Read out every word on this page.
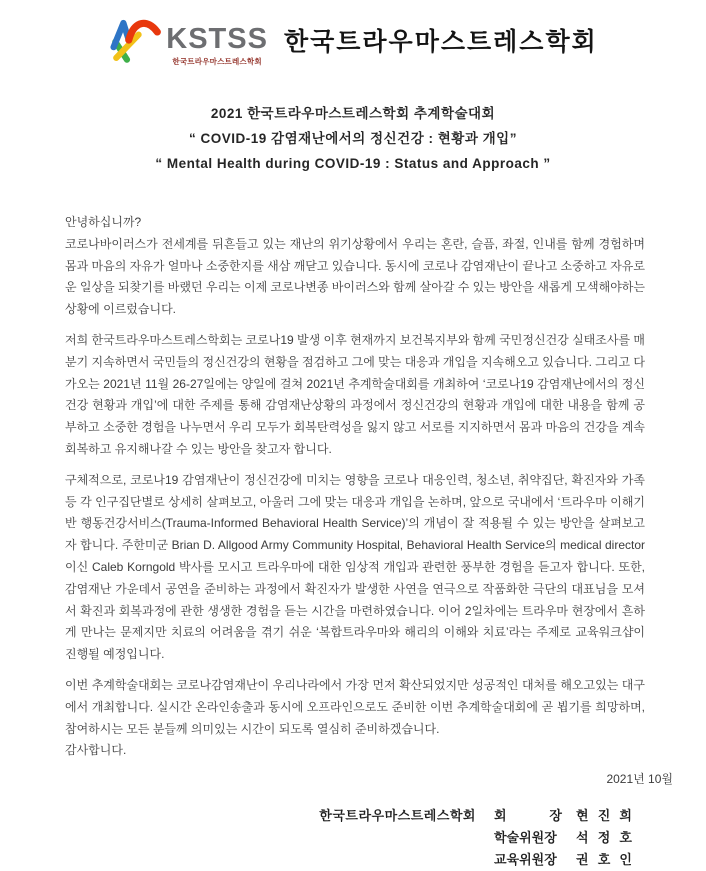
KSTSS
한국트라우마스트레스학회
한국트라우마스트레스학회
2021 한국트라우마스트레스학회 추계학술대회
“ COVID-19 감염재난에서의 정신건강 : 현황과 개입”
“ Mental Health during COVID-19 : Status and Approach ”

안녕하십니까?

코로나바이러스가 전세계를 뒤흔들고 있는 재난의 위기상황에서 우리는 혼란, 슬픔, 좌절, 인내를 함께 경험하며 몸과 마음의 자유가 얼마나 소중한지를 새삼 깨닫고 있습니다. 동시에 코로나 감염재난이 끝나고 소중하고 자유로운 일상을 되찾기를 바랬던 우리는 이제 코로나변종 바이러스와 함께 살아갈 수 있는 방안을 새롭게 모색해야하는 상황에 이르렀습니다.

저희 한국트라우마스트레스학회는 코로나19 발생 이후 현재까지 보건복지부와 함께 국민정신건강 실태조사를 매 분기 지속하면서 국민들의 정신건강의 현황을 점검하고 그에 맞는 대응과 개입을 지속해오고 있습니다. 그리고 다가오는 2021년 11월 26-27일에는 양일에 걸쳐 2021년 추계학술대회를 개최하여 ‘코로나19 감염재난에서의 정신건강 현황과 개입’에 대한 주제를 통해 감염재난상황의 과정에서 정신건강의 현황과 개입에 대한 내용을 함께 공부하고 소중한 경험을 나누면서 우리 모두가 회복탄력성을 잃지 않고 서로를 지지하면서 몸과 마음의 건강을 계속 회복하고 유지해나갈 수 있는 방안을 찾고자 합니다.

구체적으로, 코로나19 감염재난이 정신건강에 미치는 영향을 코로나 대응인력, 청소년, 취약집단, 확진자와 가족 등 각 인구집단별로 상세히 살펴보고, 아울러 그에 맞는 대응과 개입을 논하며, 앞으로 국내에서 ‘트라우마 이해기반 행동건강서비스(Trauma-Informed Behavioral Health Service)’의 개념이 잘 적용될 수 있는 방안을 살펴보고자 합니다. 주한미군 Brian D. Allgood Army Community Hospital, Behavioral Health Service의 medical director이신 Caleb Korngold 박사를 모시고 트라우마에 대한 임상적 개입과 관련한 풍부한 경험을 듣고자 합니다. 또한, 감염재난 가운데서 공연을 준비하는 과정에서 확진자가 발생한 사연을 연극으로 작품화한 극단의 대표님을 모셔서 확진과 회복과정에 관한 생생한 경험을 듣는 시간을 마련하였습니다. 이어 2일차에는 트라우마 현장에서 흔하게 만나는 문제지만 치료의 어려움을 겪기 쉬운 ‘복합트라우마와 해리의 이해와 치료’라는 주제로 교육워크샵이 진행될 예정입니다.

이번 추계학술대회는 코로나감염재난이 우리나라에서 가장 먼저 확산되었지만 성공적인 대처를 해오고있는 대구에서 개최합니다. 실시간 온라인송출과 동시에 오프라인으로도 준비한 이번 추계학술대회에 곧 뵙기를 희망하며, 참여하시는 모든 분들께 의미있는 시간이 되도록 열심히 준비하겠습니다.

감사합니다.

2021년 10월
한국트라우마스트레스학회 회 장 현 진 희
학술위원장	석 정 호
교육위원장	권 호 인
